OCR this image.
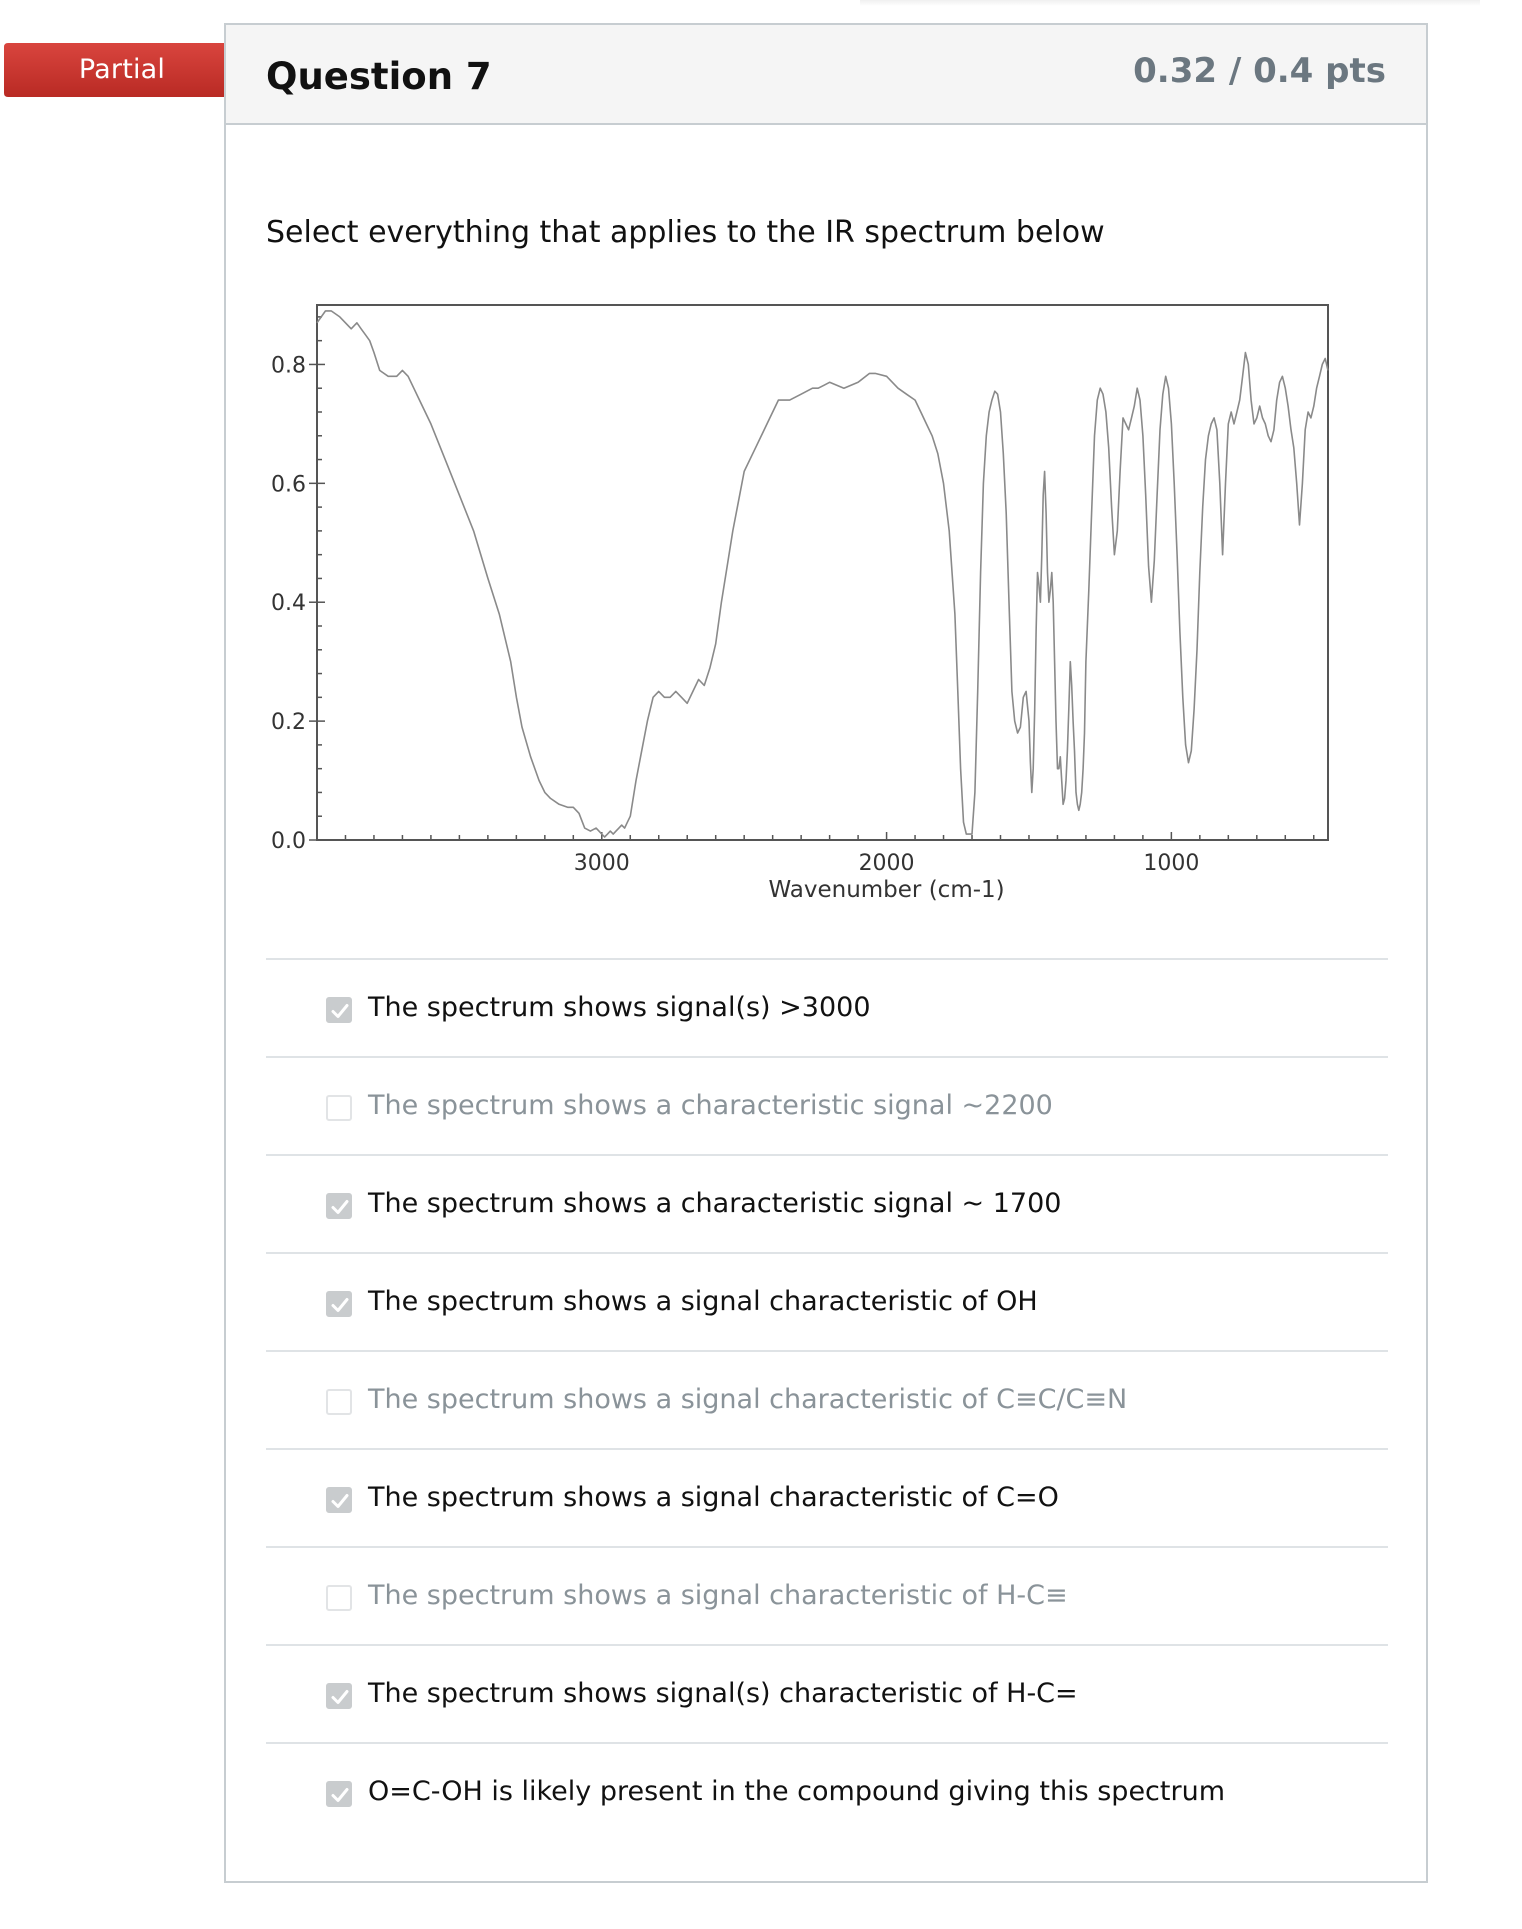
Partial	Question 7	0.32 / 0.4 pts
Select everything that applies to the IR spectrum below
0.0
0.2
0.4
0.6
0.8
3000	2000	1000
Wavenumber (cm-1)
The spectrum shows signal(s) >3000
The spectrum shows a characteristic signal ~2200
The spectrum shows a characteristic signal ~ 1700
The spectrum shows a signal characteristic of OH
The spectrum shows a signal characteristic of C≡C/C≡N
The spectrum shows a signal characteristic of C=O
The spectrum shows a signal characteristic of H-C≡
The spectrum shows signal(s) characteristic of H-C=
O=C-OH is likely present in the compound giving this spectrum
